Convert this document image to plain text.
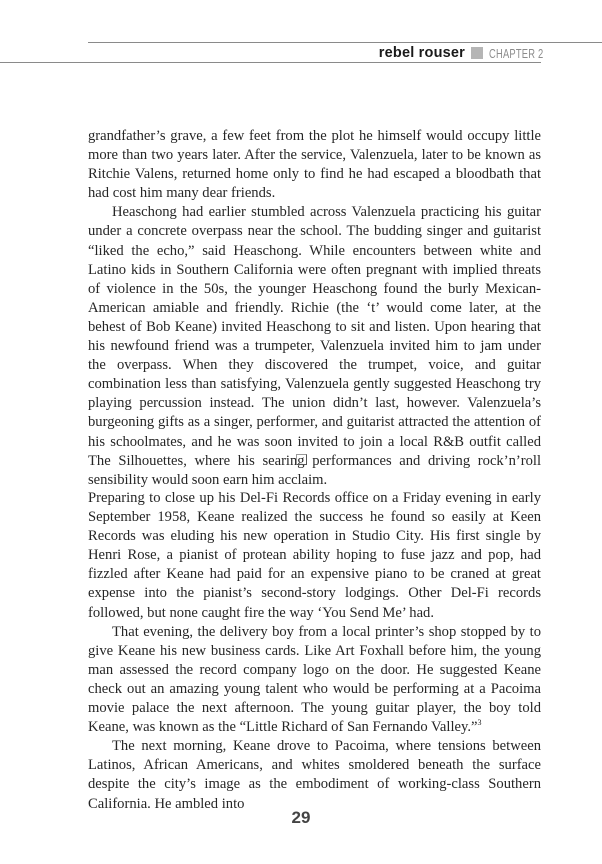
rebel rouser CHAPTER 2

grandfather’s grave, a few feet from the plot he himself would occupy little more than two years later. After the service, Valenzuela, later to be known as Ritchie Valens, returned home only to find he had escaped a bloodbath that had cost him many dear friends.

Heaschong had earlier stumbled across Valenzuela practicing his guitar under a concrete overpass near the school. The budding singer and guitarist “liked the echo,” said Heaschong. While encounters between white and Latino kids in Southern California were often pregnant with implied threats of violence in the 50s, the younger Heaschong found the burly Mexican-American amiable and friendly. Richie (the ‘t’ would come later, at the behest of Bob Keane) invited Heaschong to sit and listen. Upon hearing that his newfound friend was a trumpeter, Valenzuela invited him to jam under the overpass. When they discovered the trumpet, voice, and guitar combination less than satisfying, Valenzuela gently suggested Heaschong try playing percussion instead. The union didn’t last, however. Valenzuela’s burgeoning gifts as a singer, performer, and guitarist attracted the attention of his schoolmates, and he was soon invited to join a local R&B outfit called The Silhouettes, where his searing performances and driving rock’n’roll sensibility would soon earn him acclaim.

Preparing to close up his Del-Fi Records office on a Friday evening in early September 1958, Keane realized the success he found so easily at Keen Records was eluding his new operation in Studio City. His first single by Henri Rose, a pianist of protean ability hoping to fuse jazz and pop, had fizzled after Keane had paid for an expensive piano to be craned at great expense into the pianist’s second-story lodgings. Other Del-Fi records followed, but none caught fire the way ‘You Send Me’ had.

That evening, the delivery boy from a local printer’s shop stopped by to give Keane his new business cards. Like Art Foxhall before him, the young man assessed the record company logo on the door. He suggested Keane check out an amazing young talent who would be performing at a Pacoima movie palace the next afternoon. The young guitar player, the boy told Keane, was known as the “Little Richard of San Fernando Valley.”$^3$

The next morning, Keane drove to Pacoima, where tensions between Latinos, African Americans, and whites smoldered beneath the surface despite the city’s image as the embodiment of working-class Southern California. He ambled into

29
